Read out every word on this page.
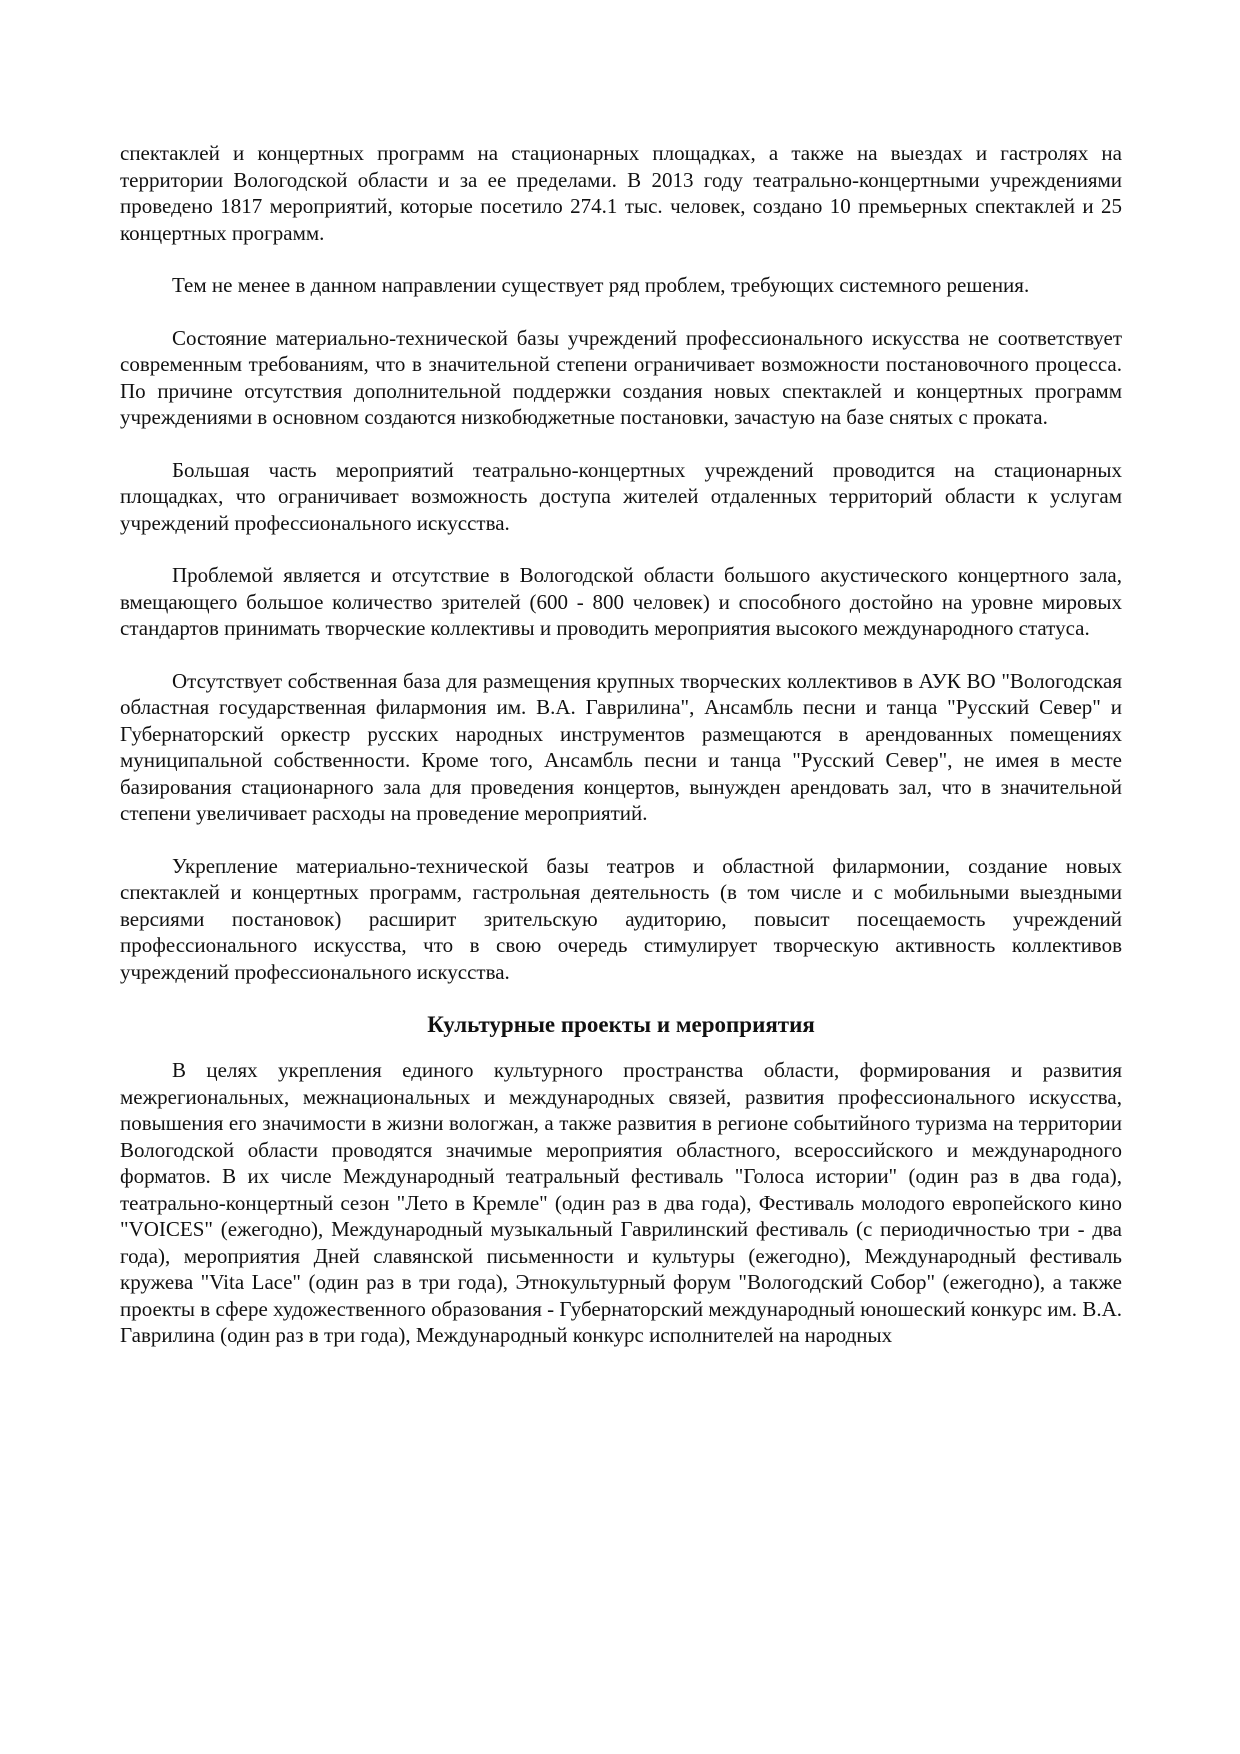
спектаклей и концертных программ на стационарных площадках, а также на выездах и гастролях на территории Вологодской области и за ее пределами. В 2013 году театрально-концертными учреждениями проведено 1817 мероприятий, которые посетило 274.1 тыс. человек, создано 10 премьерных спектаклей и 25 концертных программ.

Тем не менее в данном направлении существует ряд проблем, требующих системного решения.

Состояние материально-технической базы учреждений профессионального искусства не соответствует современным требованиям, что в значительной степени ограничивает возможности постановочного процесса. По причине отсутствия дополнительной поддержки создания новых спектаклей и концертных программ учреждениями в основном создаются низкобюджетные постановки, зачастую на базе снятых с проката.

Большая часть мероприятий театрально-концертных учреждений проводится на стационарных площадках, что ограничивает возможность доступа жителей отдаленных территорий области к услугам учреждений профессионального искусства.

Проблемой является и отсутствие в Вологодской области большого акустического концертного зала, вмещающего большое количество зрителей (600 - 800 человек) и способного достойно на уровне мировых стандартов принимать творческие коллективы и проводить мероприятия высокого международного статуса.

Отсутствует собственная база для размещения крупных творческих коллективов в АУК ВО "Вологодская областная государственная филармония им. В.А. Гаврилина", Ансамбль песни и танца "Русский Север" и Губернаторский оркестр русских народных инструментов размещаются в арендованных помещениях муниципальной собственности. Кроме того, Ансамбль песни и танца "Русский Север", не имея в месте базирования стационарного зала для проведения концертов, вынужден арендовать зал, что в значительной степени увеличивает расходы на проведение мероприятий.

Укрепление материально-технической базы театров и областной филармонии, создание новых спектаклей и концертных программ, гастрольная деятельность (в том числе и с мобильными выездными версиями постановок) расширит зрительскую аудиторию, повысит посещаемость учреждений профессионального искусства, что в свою очередь стимулирует творческую активность коллективов учреждений профессионального искусства.

Культурные проекты и мероприятия

В целях укрепления единого культурного пространства области, формирования и развития межрегиональных, межнациональных и международных связей, развития профессионального искусства, повышения его значимости в жизни вологжан, а также развития в регионе событийного туризма на территории Вологодской области проводятся значимые мероприятия областного, всероссийского и международного форматов. В их числе Международный театральный фестиваль "Голоса истории" (один раз в два года), театрально-концертный сезон "Лето в Кремле" (один раз в два года), Фестиваль молодого европейского кино "VOICES" (ежегодно), Международный музыкальный Гаврилинский фестиваль (с периодичностью три - два года), мероприятия Дней славянской письменности и культуры (ежегодно), Международный фестиваль кружева "Vita Lace" (один раз в три года), Этнокультурный форум "Вологодский Собор" (ежегодно), а также проекты в сфере художественного образования - Губернаторский международный юношеский конкурс им. В.А. Гаврилина (один раз в три года), Международный конкурс исполнителей на народных
